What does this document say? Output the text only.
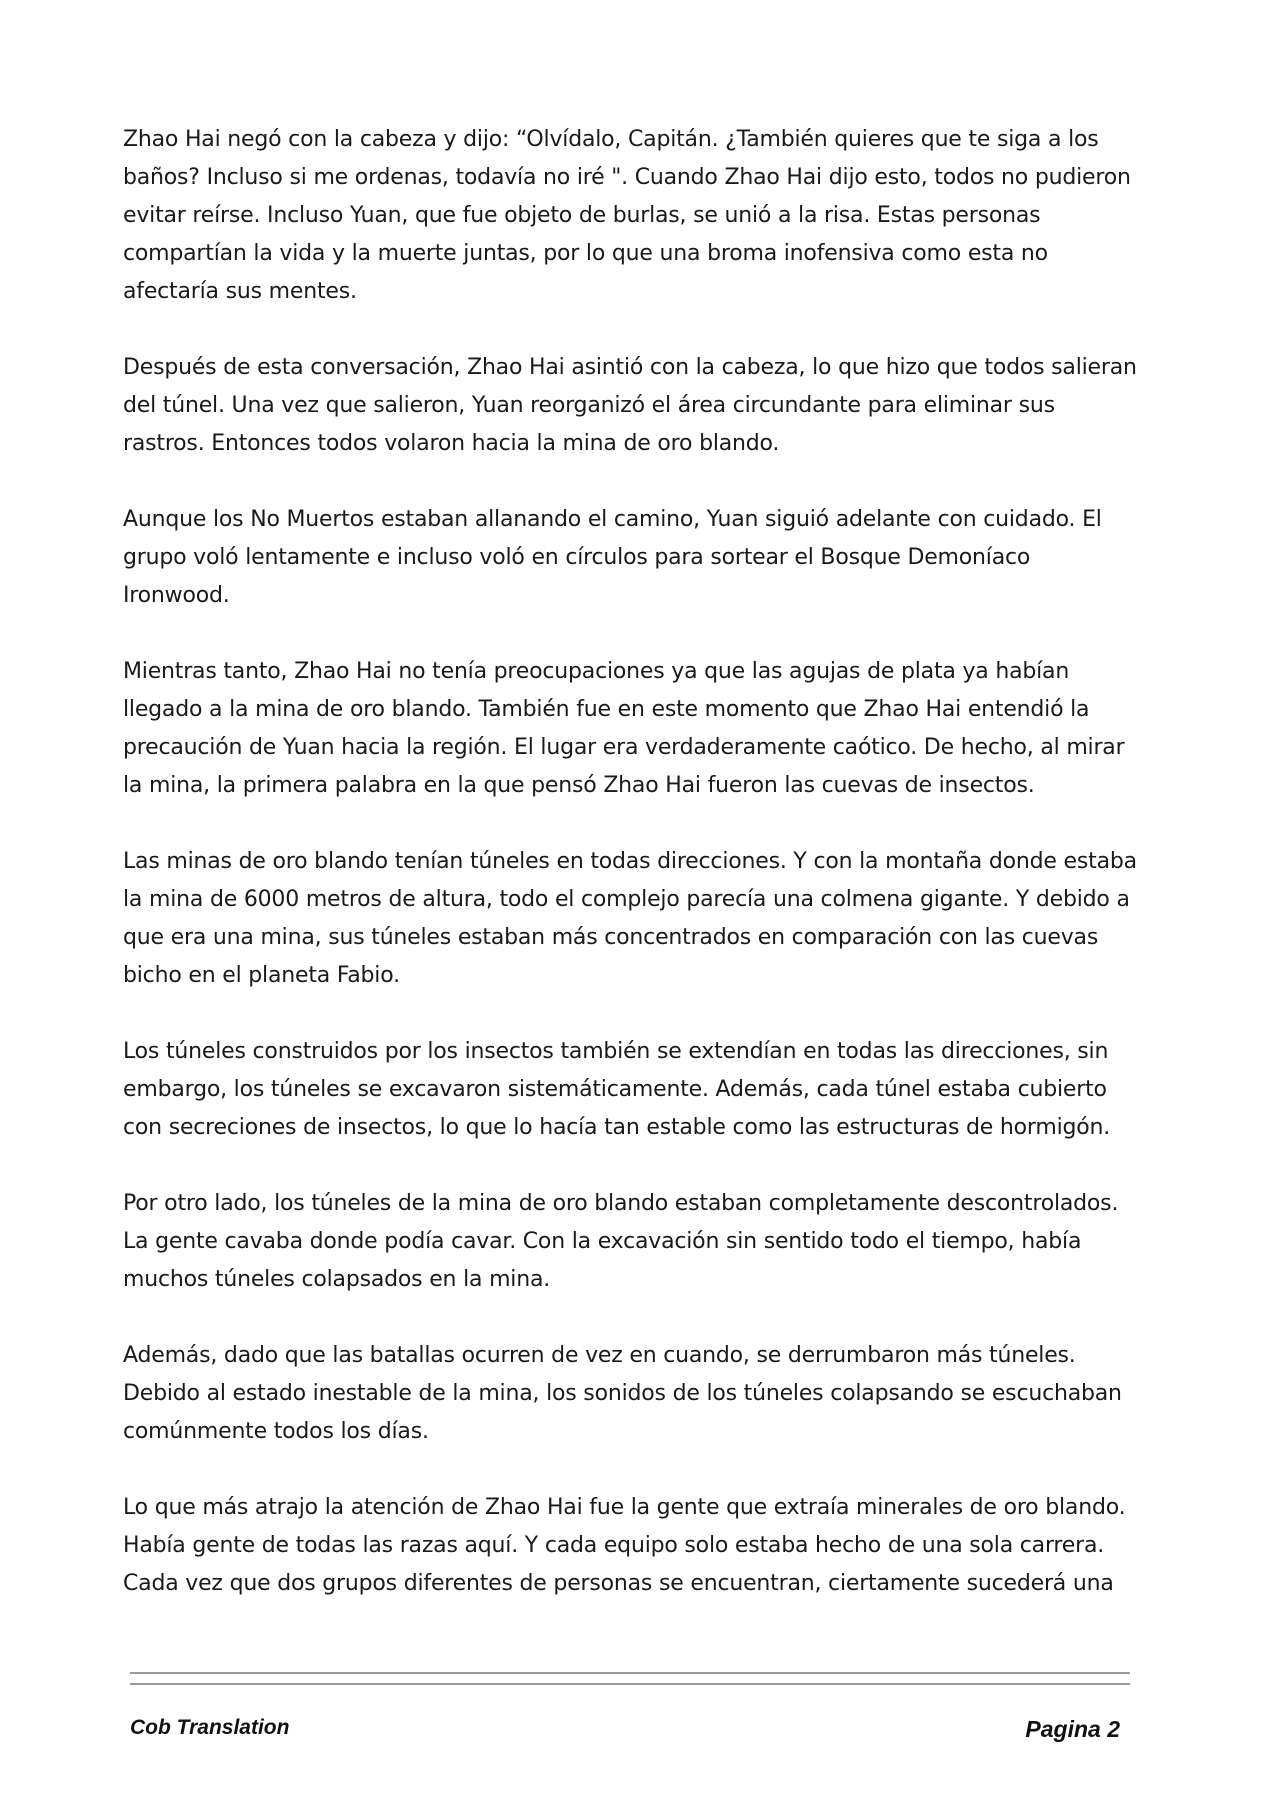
Zhao Hai negó con la cabeza y dijo: “Olvídalo, Capitán. ¿También quieres que te siga a los baños? Incluso si me ordenas, todavía no iré ". Cuando Zhao Hai dijo esto, todos no pudieron evitar reírse. Incluso Yuan, que fue objeto de burlas, se unió a la risa. Estas personas compartían la vida y la muerte juntas, por lo que una broma inofensiva como esta no afectaría sus mentes.

Después de esta conversación, Zhao Hai asintió con la cabeza, lo que hizo que todos salieran del túnel. Una vez que salieron, Yuan reorganizó el área circundante para eliminar sus rastros. Entonces todos volaron hacia la mina de oro blando.

Aunque los No Muertos estaban allanando el camino, Yuan siguió adelante con cuidado. El grupo voló lentamente e incluso voló en círculos para sortear el Bosque Demoníaco Ironwood.

Mientras tanto, Zhao Hai no tenía preocupaciones ya que las agujas de plata ya habían llegado a la mina de oro blando. También fue en este momento que Zhao Hai entendió la precaución de Yuan hacia la región. El lugar era verdaderamente caótico. De hecho, al mirar la mina, la primera palabra en la que pensó Zhao Hai fueron las cuevas de insectos.

Las minas de oro blando tenían túneles en todas direcciones. Y con la montaña donde estaba la mina de 6000 metros de altura, todo el complejo parecía una colmena gigante. Y debido a que era una mina, sus túneles estaban más concentrados en comparación con las cuevas bicho en el planeta Fabio.

Los túneles construidos por los insectos también se extendían en todas las direcciones, sin embargo, los túneles se excavaron sistemáticamente. Además, cada túnel estaba cubierto con secreciones de insectos, lo que lo hacía tan estable como las estructuras de hormigón.

Por otro lado, los túneles de la mina de oro blando estaban completamente descontrolados. La gente cavaba donde podía cavar. Con la excavación sin sentido todo el tiempo, había muchos túneles colapsados en la mina.

Además, dado que las batallas ocurren de vez en cuando, se derrumbaron más túneles. Debido al estado inestable de la mina, los sonidos de los túneles colapsando se escuchaban comúnmente todos los días.

Lo que más atrajo la atención de Zhao Hai fue la gente que extraía minerales de oro blando. Había gente de todas las razas aquí. Y cada equipo solo estaba hecho de una sola carrera. Cada vez que dos grupos diferentes de personas se encuentran, ciertamente sucederá una

Cob Translation	Pagina 2
